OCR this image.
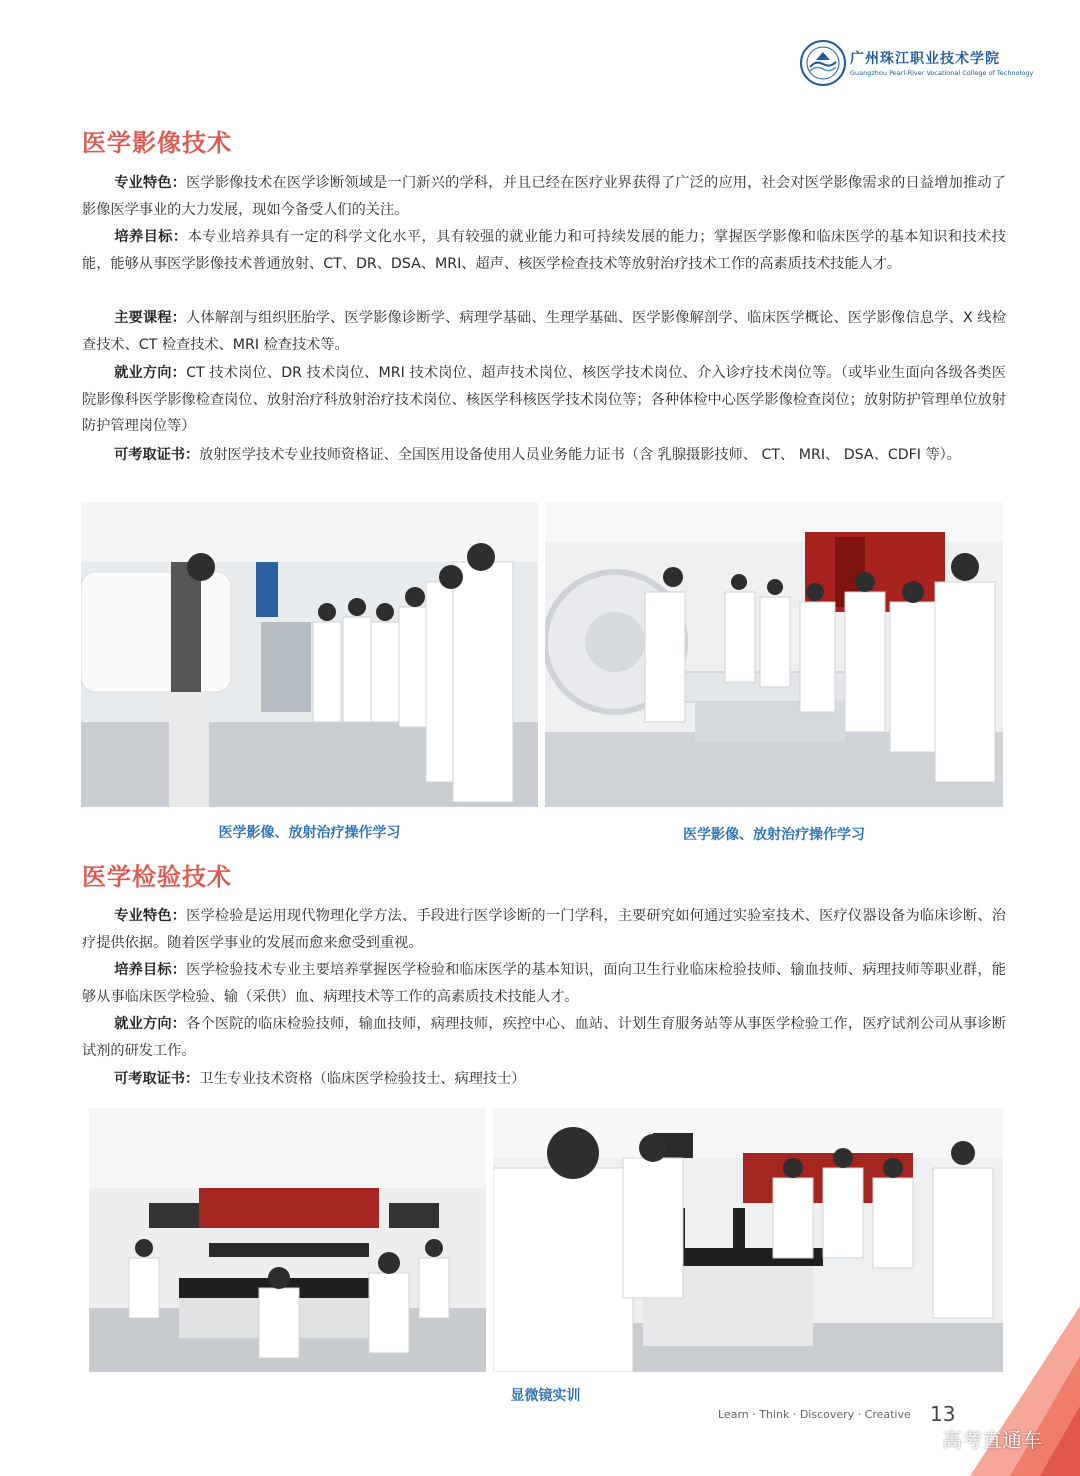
广州珠江职业技术学院
Guangzhou Pearl-River Vocational College of Technology
医学影像技术
专业特色：医学影像技术在医学诊断领域是一门新兴的学科，并且已经在医疗业界获得了广泛的应用，社会对医学影像需求的日益增加推动了影像医学事业的大力发展，现如今备受人们的关注。
培养目标：本专业培养具有一定的科学文化水平，具有较强的就业能力和可持续发展的能力；掌握医学影像和临床医学的基本知识和技术技能，能够从事医学影像技术普通放射、CT、DR、DSA、MRI、超声、核医学检查技术等放射治疗技术工作的高素质技术技能人才。
主要课程：人体解剖与组织胚胎学、医学影像诊断学、病理学基础、生理学基础、医学影像解剖学、临床医学概论、医学影像信息学、X 线检查技术、CT 检查技术、MRI 检查技术等。
就业方向：CT 技术岗位、DR 技术岗位、MRI 技术岗位、超声技术岗位、核医学技术岗位、介入诊疗技术岗位等。（或毕业生面向各级各类医院影像科医学影像检查岗位、放射治疗科放射治疗技术岗位、核医学科核医学技术岗位等；各种体检中心医学影像检查岗位；放射防护管理单位放射防护管理岗位等）
可考取证书：放射医学技术专业技师资格证、全国医用设备使用人员业务能力证书（含 乳腺摄影技师、 CT、 MRI、 DSA、CDFI 等）。
医学影像、放射治疗操作学习	医学影像、放射治疗操作学习
医学检验技术
专业特色：医学检验是运用现代物理化学方法、手段进行医学诊断的一门学科，主要研究如何通过实验室技术、医疗仪器设备为临床诊断、治疗提供依据。随着医学事业的发展而愈来愈受到重视。
培养目标：医学检验技术专业主要培养掌握医学检验和临床医学的基本知识，面向卫生行业临床检验技师、输血技师、病理技师等职业群，能够从事临床医学检验、输（采供）血、病理技术等工作的高素质技术技能人才。
就业方向：各个医院的临床检验技师，输血技师，病理技师，疾控中心、血站、计划生育服务站等从事医学检验工作，医疗试剂公司从事诊断试剂的研发工作。
可考取证书：卫生专业技术资格（临床医学检验技士、病理技士）
显微镜实训
Learn · Think · Discovery · Creative 13
高考直通车
